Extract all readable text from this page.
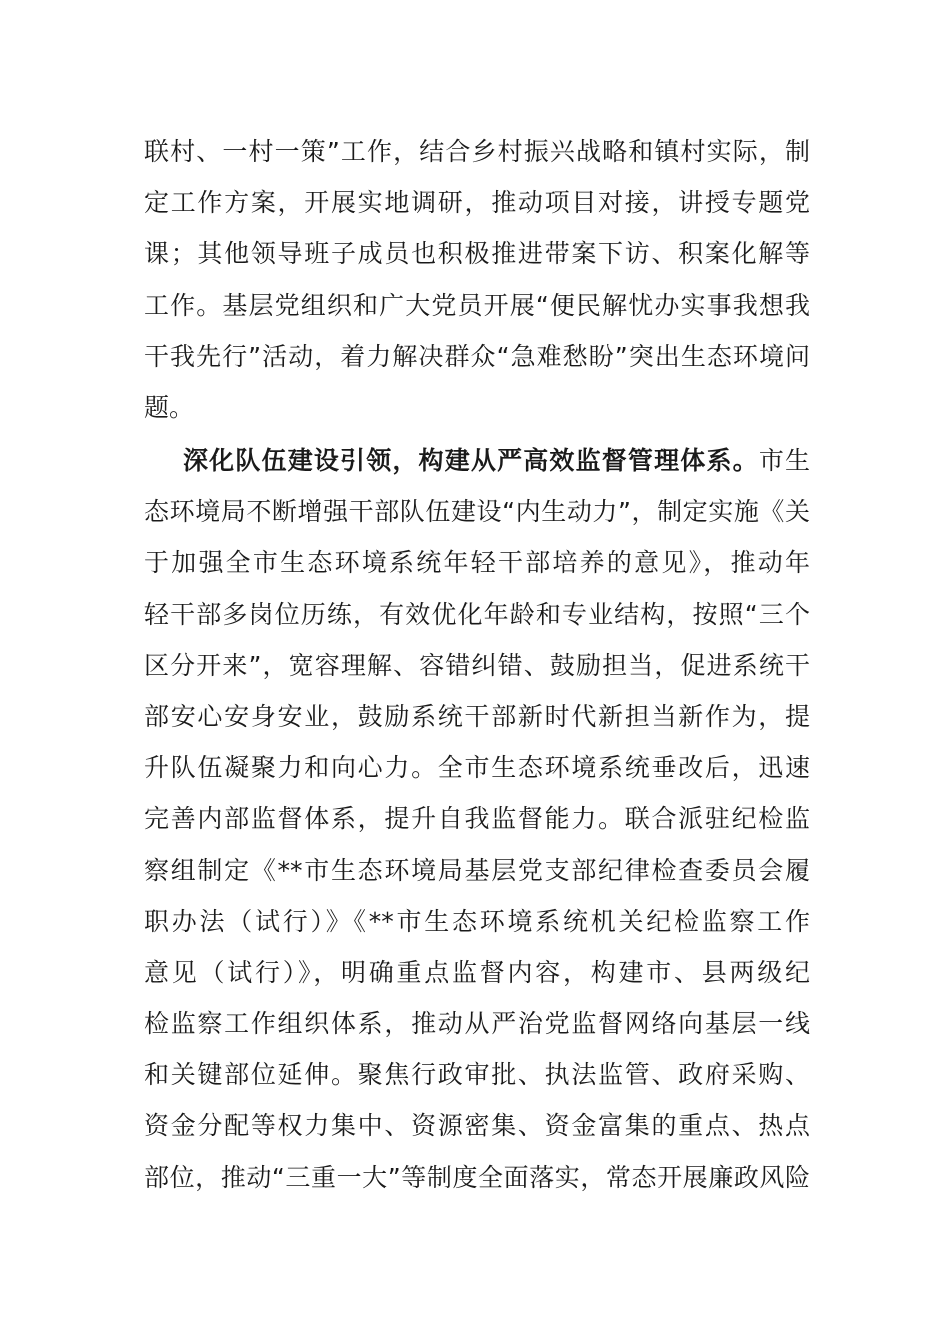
联村、一村一策”工作，结合乡村振兴战略和镇村实际，制
定工作方案，开展实地调研，推动项目对接，讲授专题党
课；其他领导班子成员也积极推进带案下访、积案化解等
工作。基层党组织和广大党员开展“便民解忧办实事我想我
干我先行”活动，着力解决群众“急难愁盼”突出生态环境问
题。
深化队伍建设引领，构建从严高效监督管理体系。市生
态环境局不断增强干部队伍建设“内生动力”，制定实施《关
于加强全市生态环境系统年轻干部培养的意见》，推动年
轻干部多岗位历练，有效优化年龄和专业结构，按照“三个
区分开来”，宽容理解、容错纠错、鼓励担当，促进系统干
部安心安身安业，鼓励系统干部新时代新担当新作为，提
升队伍凝聚力和向心力。全市生态环境系统垂改后，迅速
完善内部监督体系，提升自我监督能力。联合派驻纪检监
察组制定《**市生态环境局基层党支部纪律检查委员会履
职办法（试行）》《**市生态环境系统机关纪检监察工作
意见（试行）》，明确重点监督内容，构建市、县两级纪
检监察工作组织体系，推动从严治党监督网络向基层一线
和关键部位延伸。聚焦行政审批、执法监管、政府采购、
资金分配等权力集中、资源密集、资金富集的重点、热点
部位，推动“三重一大”等制度全面落实，常态开展廉政风险
